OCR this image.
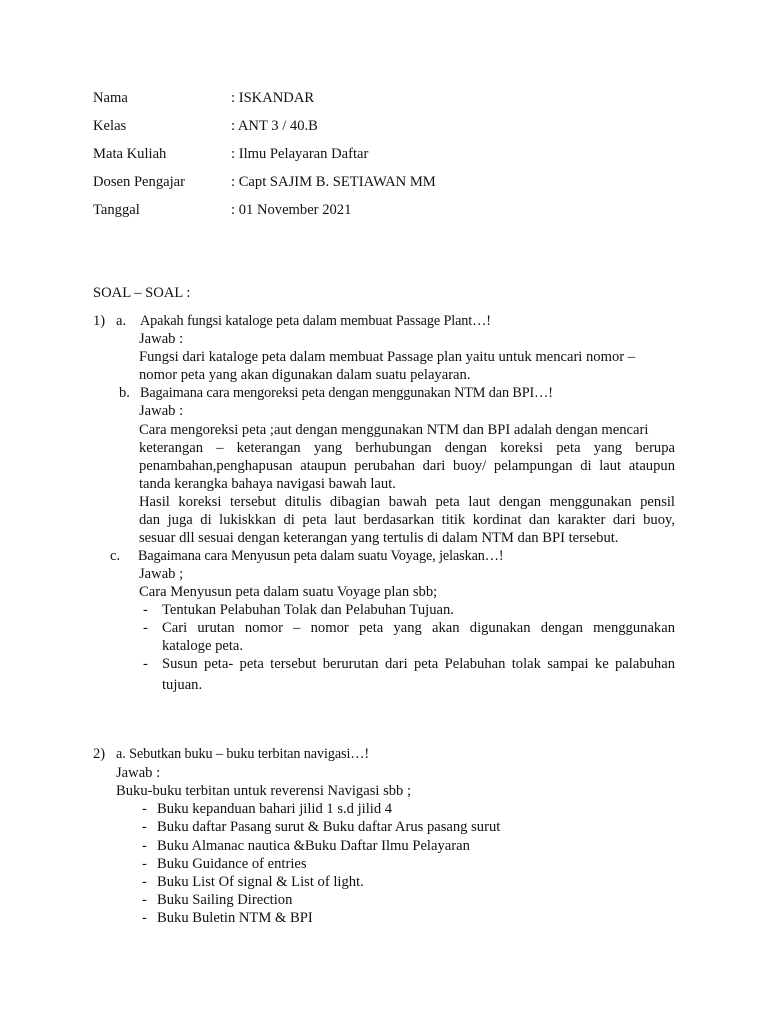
Nama	: ISKANDAR
Kelas	: ANT 3 / 40.B
Mata Kuliah	: Ilmu Pelayaran Daftar
Dosen Pengajar	: Capt SAJIM B. SETIAWAN MM
Tanggal	: 01 November 2021
SOAL – SOAL :
1) a. Apakah fungsi kataloge peta dalam membuat Passage Plant…!
Jawab :
Fungsi dari kataloge peta dalam membuat Passage plan yaitu untuk mencari nomor –
nomor peta yang akan digunakan dalam suatu pelayaran.
b. Bagaimana cara mengoreksi peta dengan menggunakan NTM dan BPI…!
Jawab :
Cara mengoreksi peta ;aut dengan menggunakan NTM dan BPI adalah dengan mencari
keterangan – keterangan yang berhubungan dengan koreksi peta yang berupa
penambahan,penghapusan ataupun perubahan dari buoy/ pelampungan di laut ataupun
tanda kerangka bahaya navigasi bawah laut.
Hasil koreksi tersebut ditulis dibagian bawah peta laut dengan menggunakan pensil
dan juga di lukiskkan di peta laut berdasarkan titik kordinat dan karakter dari buoy,
sesuar dll sesuai dengan keterangan yang tertulis di dalam NTM dan BPI tersebut.
c. Bagaimana cara Menyusun peta dalam suatu Voyage, jelaskan…!
Jawab ;
Cara Menyusun peta dalam suatu Voyage plan sbb;
- Tentukan Pelabuhan Tolak dan Pelabuhan Tujuan.
- Cari urutan nomor – nomor peta yang akan digunakan dengan menggunakan
kataloge peta.
- Susun peta- peta tersebut berurutan dari peta Pelabuhan tolak sampai ke palabuhan
tujuan.
2) a. Sebutkan buku – buku terbitan navigasi…!
Jawab :
Buku-buku terbitan untuk reverensi Navigasi sbb ;
- Buku kepanduan bahari jilid 1 s.d jilid 4
- Buku daftar Pasang surut & Buku daftar Arus pasang surut
- Buku Almanac nautica &Buku Daftar Ilmu Pelayaran
- Buku Guidance of entries
- Buku List Of signal & List of light.
- Buku Sailing Direction
- Buku Buletin NTM & BPI
